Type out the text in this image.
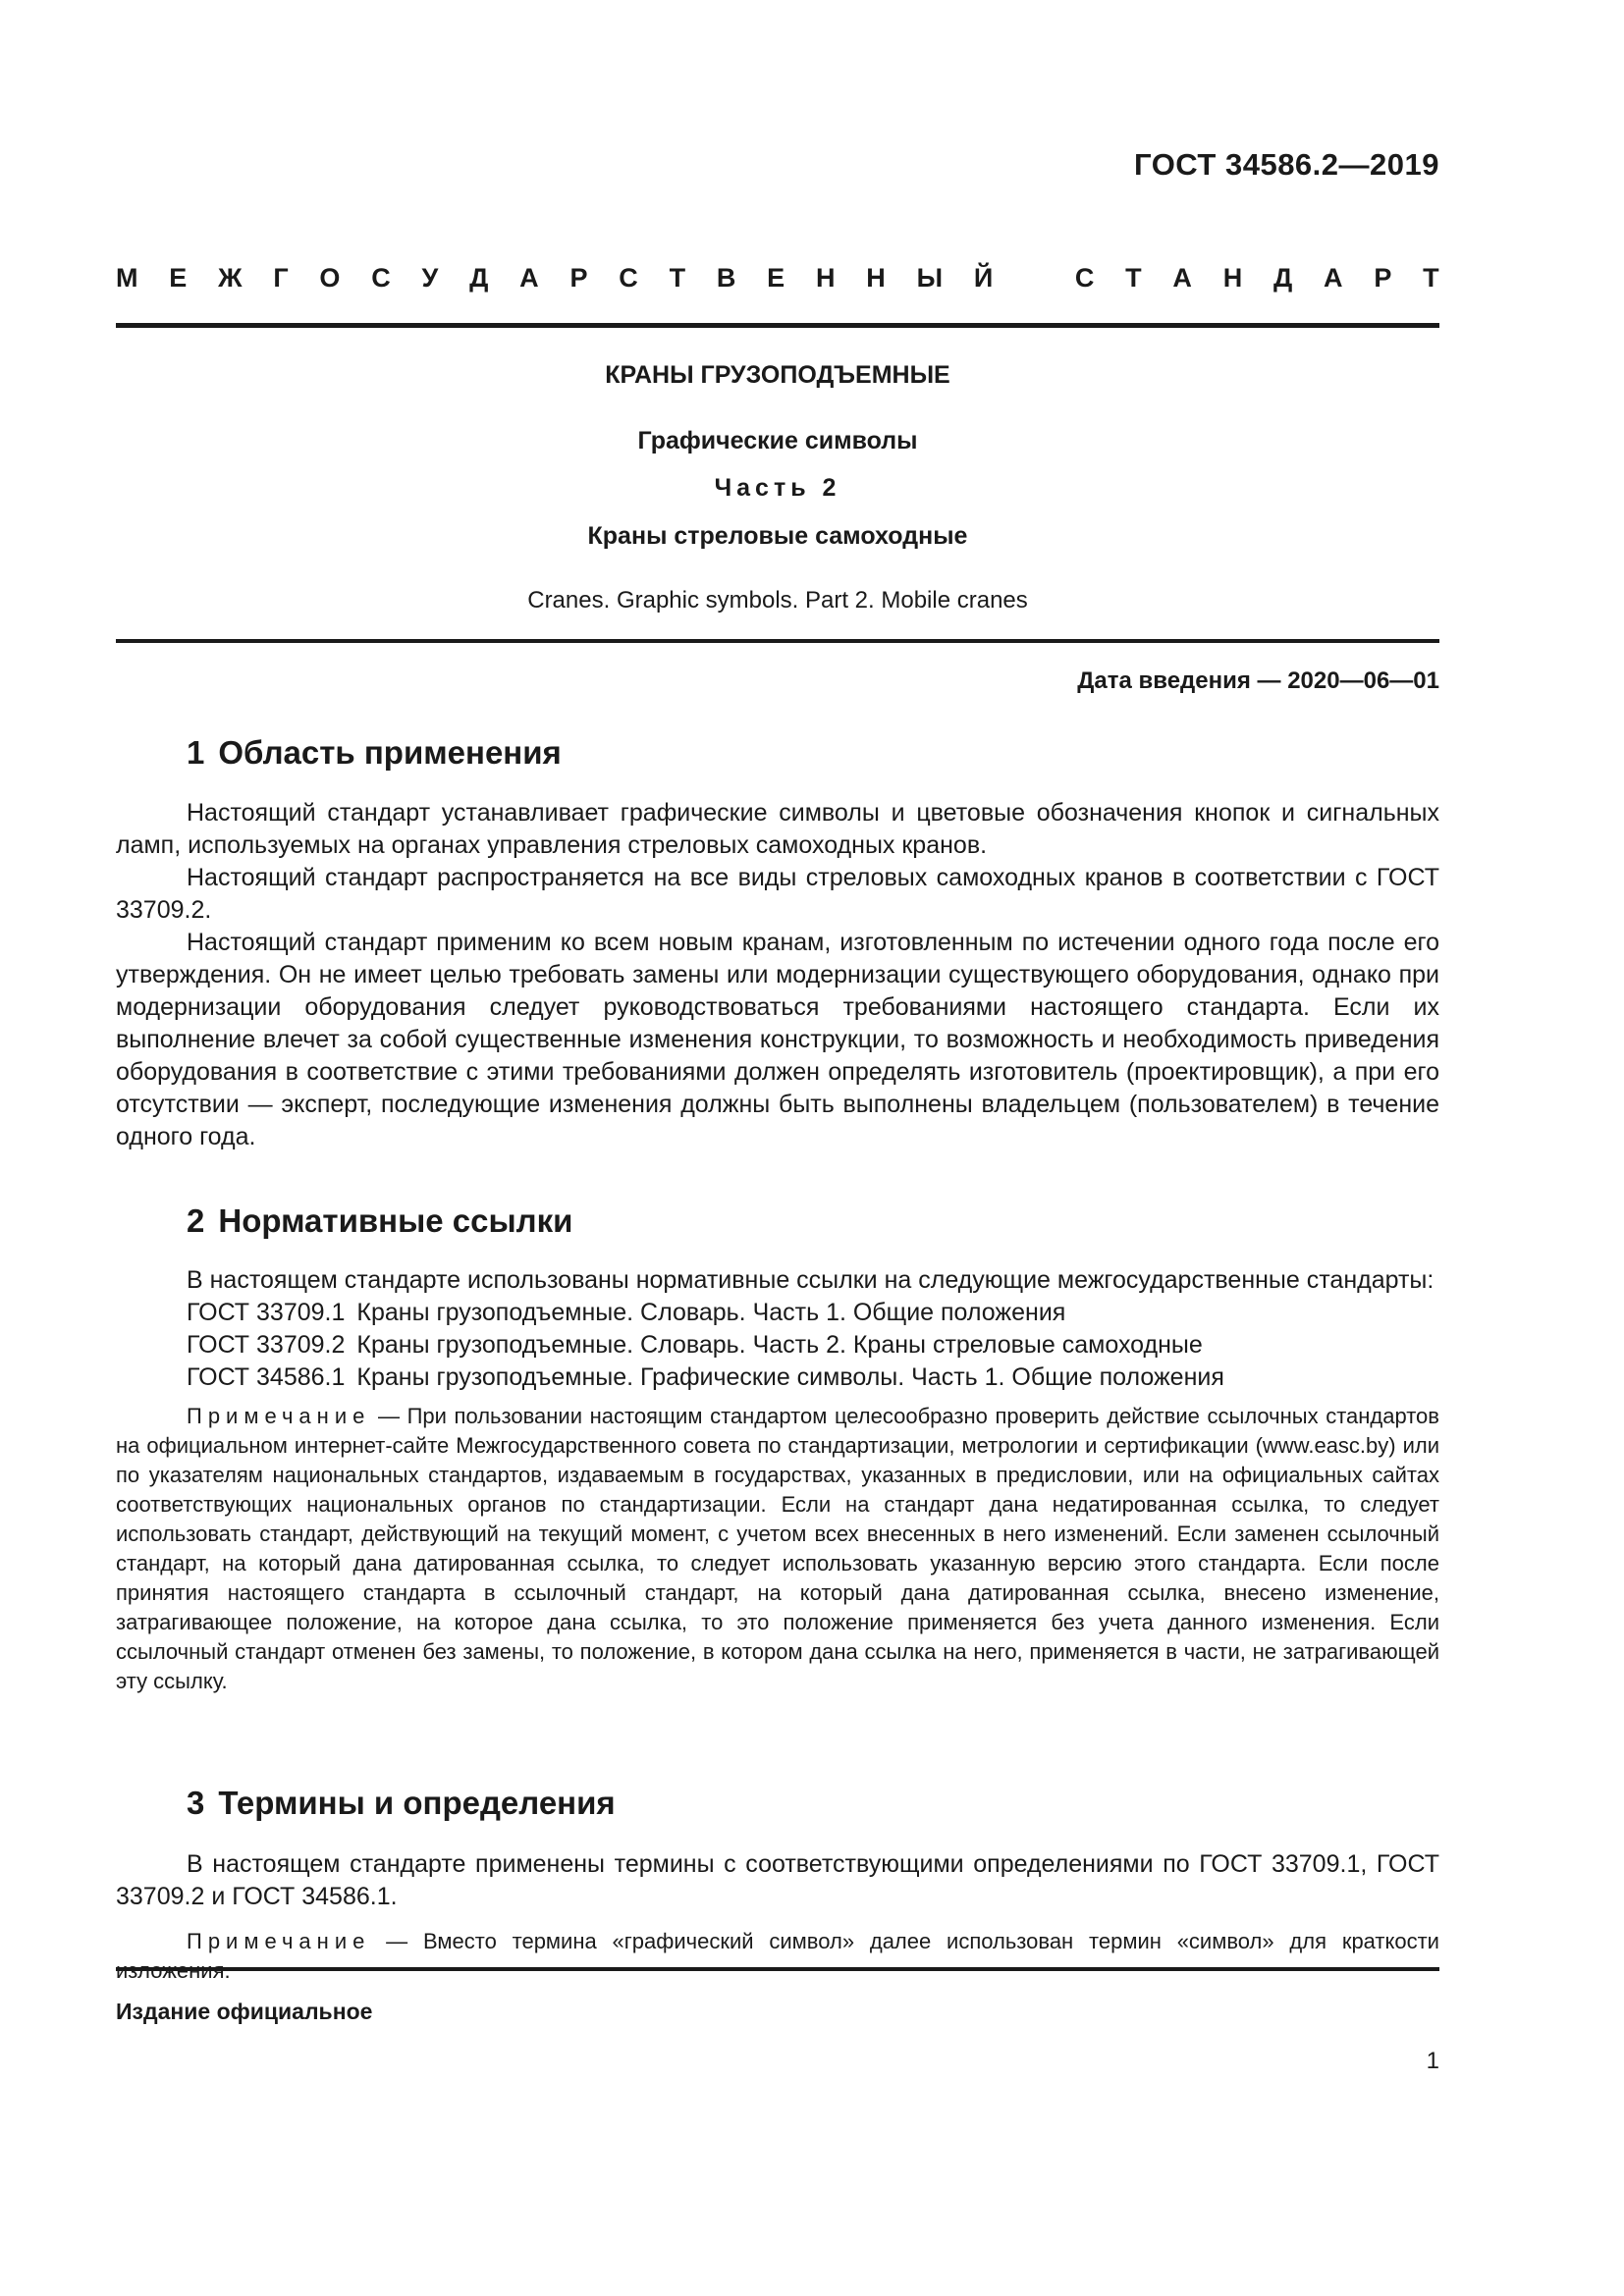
ГОСТ 34586.2—2019
М Е Ж Г О С У Д А Р С Т В Е Н Н Ы Й	С Т А Н Д А Р Т
КРАНЫ ГРУЗОПОДЪЕМНЫЕ
Графические символы
Часть 2
Краны стреловые самоходные
Cranes. Graphic symbols. Part 2. Mobile cranes
Дата введения — 2020—06—01
1 Область применения

Настоящий стандарт устанавливает графические символы и цветовые обозначения кнопок и сигнальных ламп, используемых на органах управления стреловых самоходных кранов.

Настоящий стандарт распространяется на все виды стреловых самоходных кранов в соответствии с ГОСТ 33709.2.

Настоящий стандарт применим ко всем новым кранам, изготовленным по истечении одного года после его утверждения. Он не имеет целью требовать замены или модернизации существующего оборудования, однако при модернизации оборудования следует руководствоваться требованиями настоящего стандарта. Если их выполнение влечет за собой существенные изменения конструкции, то возможность и необходимость приведения оборудования в соответствие с этими требованиями должен определять изготовитель (проектировщик), а при его отсутствии — эксперт, последующие изменения должны быть выполнены владельцем (пользователем) в течение одного года.

2 Нормативные ссылки

В настоящем стандарте использованы нормативные ссылки на следующие межгосударственные стандарты:

ГОСТ 33709.1 Краны грузоподъемные. Словарь. Часть 1. Общие положения

ГОСТ 33709.2 Краны грузоподъемные. Словарь. Часть 2. Краны стреловые самоходные

ГОСТ 34586.1 Краны грузоподъемные. Графические символы. Часть 1. Общие положения

Примечание — При пользовании настоящим стандартом целесообразно проверить действие ссылочных стандартов на официальном интернет-сайте Межгосударственного совета по стандартизации, метрологии и сертификации (www.easc.by) или по указателям национальных стандартов, издаваемым в государствах, указанных в предисловии, или на официальных сайтах соответствующих национальных органов по стандартизации. Если на стандарт дана недатированная ссылка, то следует использовать стандарт, действующий на текущий момент, с учетом всех внесенных в него изменений. Если заменен ссылочный стандарт, на который дана датированная ссылка, то следует использовать указанную версию этого стандарта. Если после принятия настоящего стандарта в ссылочный стандарт, на который дана датированная ссылка, внесено изменение, затрагивающее положение, на которое дана ссылка, то это положение применяется без учета данного изменения. Если ссылочный стандарт отменен без замены, то положение, в котором дана ссылка на него, применяется в части, не затрагивающей эту ссылку.

3 Термины и определения

В настоящем стандарте применены термины с соответствующими определениями по ГОСТ 33709.1, ГОСТ 33709.2 и ГОСТ 34586.1.

Примечание — Вместо термина «графический символ» далее использован термин «символ» для краткости

Издание официальное
1
